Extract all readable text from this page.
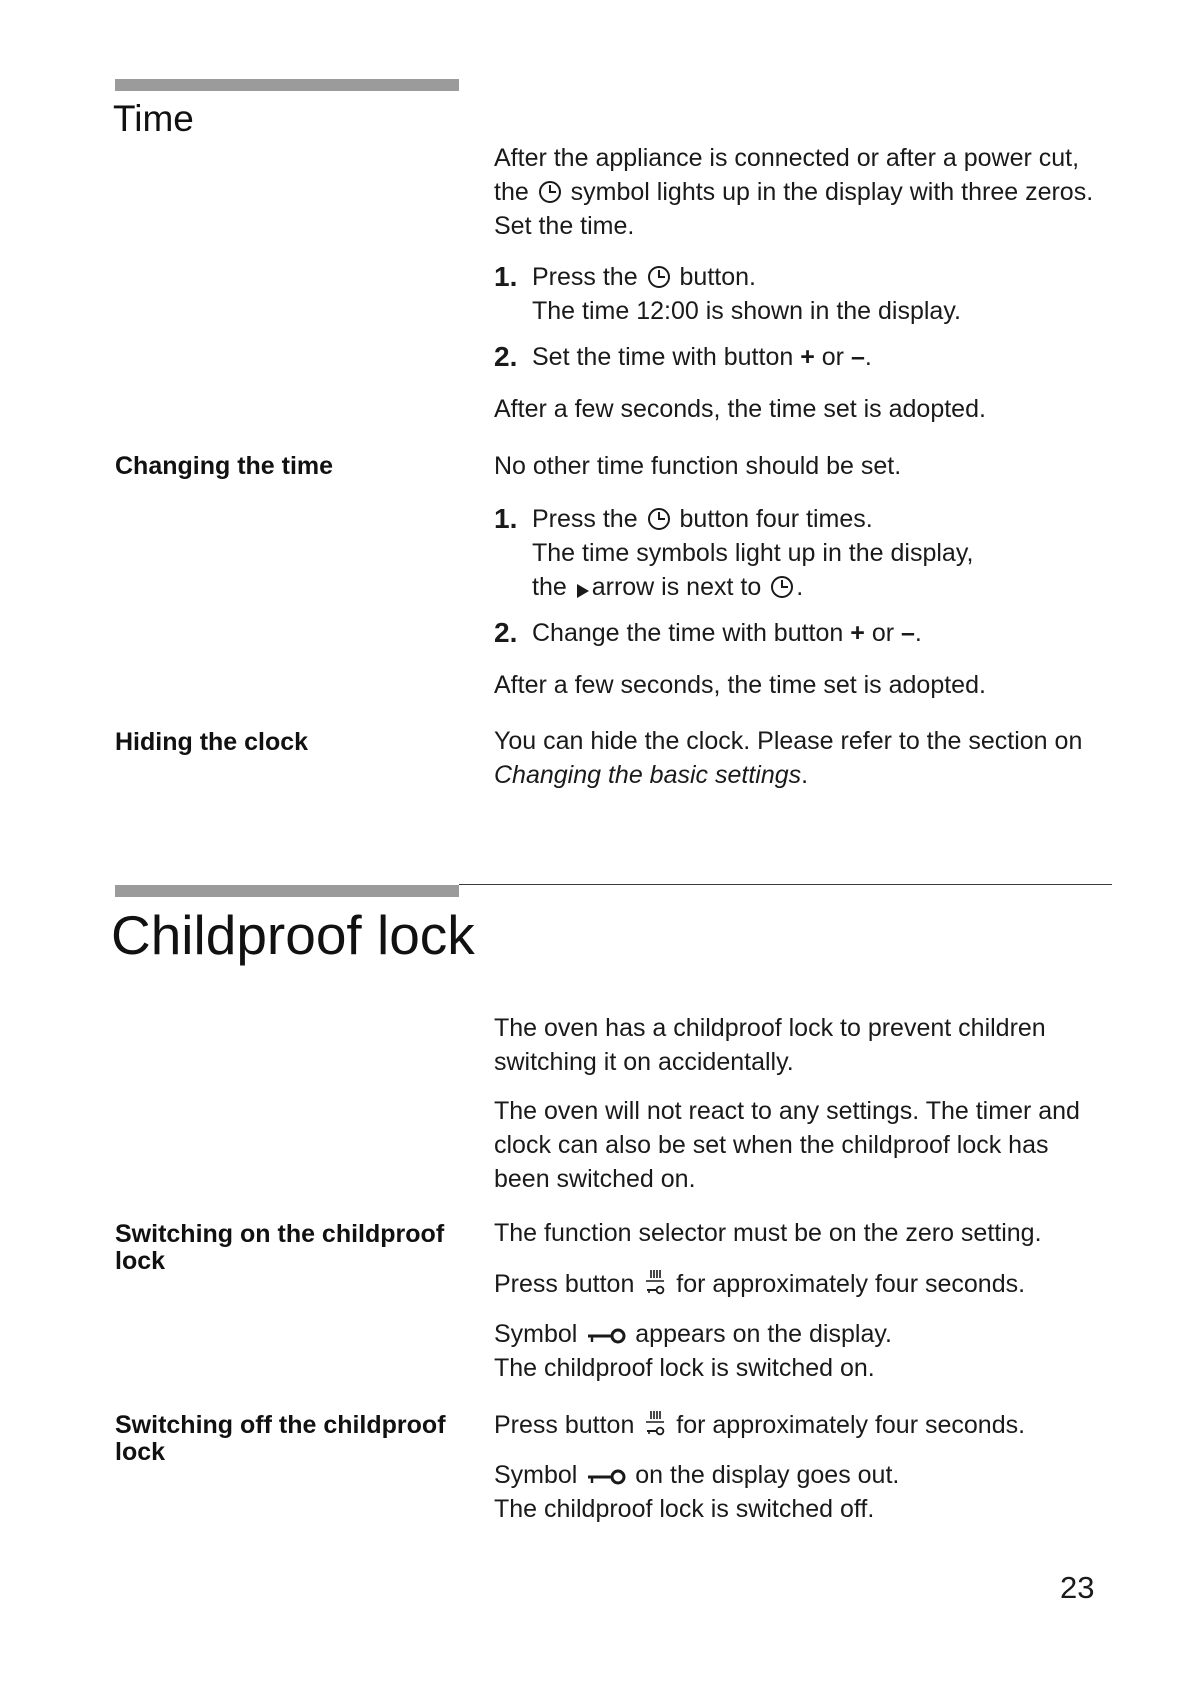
Time
After the appliance is connected or after a power cut,
the symbol lights up in the display with three zeros.
Set the time.
1. Press the button.
The time 12:00 is shown in the display.
2. Set the time with button + or –.
After a few seconds, the time set is adopted.
Changing the time	No other time function should be set.
1. Press the button four times.
The time symbols light up in the display,
the arrow is next to .
2. Change the time with button + or –.
After a few seconds, the time set is adopted.
Hiding the clock	You can hide the clock. Please refer to the section on
Changing the basic settings.
Childproof lock
The oven has a childproof lock to prevent children
switching it on accidentally.
The oven will not react to any settings. The timer and
clock can also be set when the childproof lock has
been switched on.
Switching on the childproof lock
The function selector must be on the zero setting.
Press button for approximately four seconds.
Symbol appears on the display.
The childproof lock is switched on.
Switching off the childproof lock
Press button for approximately four seconds.
Symbol on the display goes out.
The childproof lock is switched off.
23
